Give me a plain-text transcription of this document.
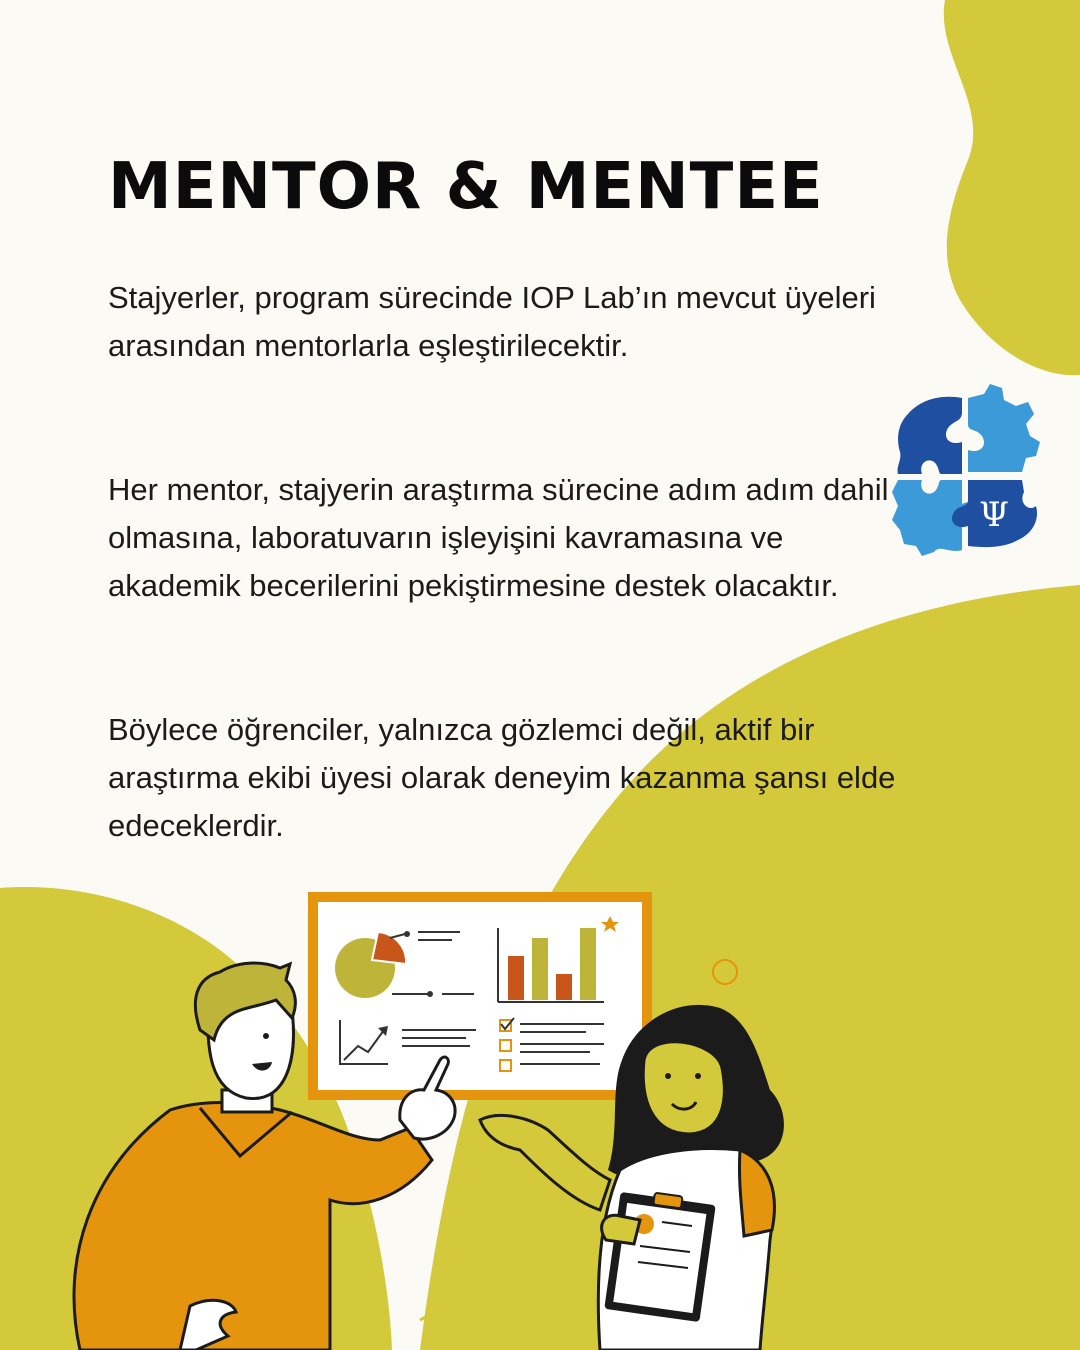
MENTOR & MENTEE

Stajyerler, program sürecinde IOP Lab’ın mevcut üyeleri arasından mentorlarla eşleştirilecektir.

Her mentor, stajyerin araştırma sürecine adım adım dahil olmasına, laboratuvarın işleyişini kavramasına ve akademik becerilerini pekiştirmesine destek olacaktır.

Böylece öğrenciler, yalnızca gözlemci değil, aktif bir araştırma ekibi üyesi olarak deneyim kazanma şansı elde edeceklerdir.

Ψ
